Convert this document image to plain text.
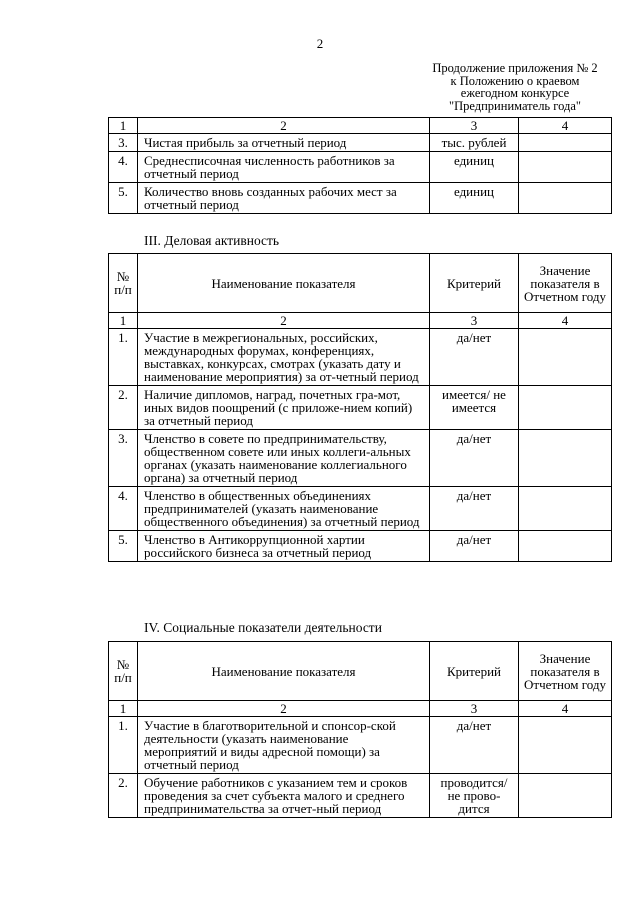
2
Продолжение приложения № 2
к Положению о краевом
ежегодном конкурсе
"Предприниматель года"
1	2	3	4
3.	Чистая прибыль за отчетный период	тыс. рублей	
4.	Среднесписочная численность работников за отчетный период	единиц	
5.	Количество вновь созданных рабочих мест за отчетный период	единиц	
III. Деловая активность
№ п/п	Наименование показателя	Критерий	Значение показателя в Отчетном году
1	2	3	4
1.	Участие в межрегиональных, российских, международных форумах, конференциях, выставках, конкурсах, смотрах (указать дату и наименование мероприятия) за от-четный период	да/нет	
2.	Наличие дипломов, наград, почетных гра-мот, иных видов поощрений (с приложе-нием копий) за отчетный период	имеется/ не имеется	
3.	Членство в совете по предпринимательству, общественном совете или иных коллеги-альных органах (указать наименование коллегиального органа) за отчетный период	да/нет	
4.	Членство в общественных объединениях предпринимателей (указать наименование общественного объединения) за отчетный период	да/нет	
5.	Членство в Антикоррупционной хартии российского бизнеса за отчетный период	да/нет	
IV. Социальные показатели деятельности
№ п/п	Наименование показателя	Критерий	Значение показателя в Отчетном году
1	2	3	4
1.	Участие в благотворительной и спонсор-ской деятельности (указать наименование мероприятий и виды адресной помощи) за отчетный период	да/нет	
2.	Обучение работников с указанием тем и сроков проведения за счет субъекта малого и среднего предпринимательства за отчет-ный период	проводится/ не прово-дится	
